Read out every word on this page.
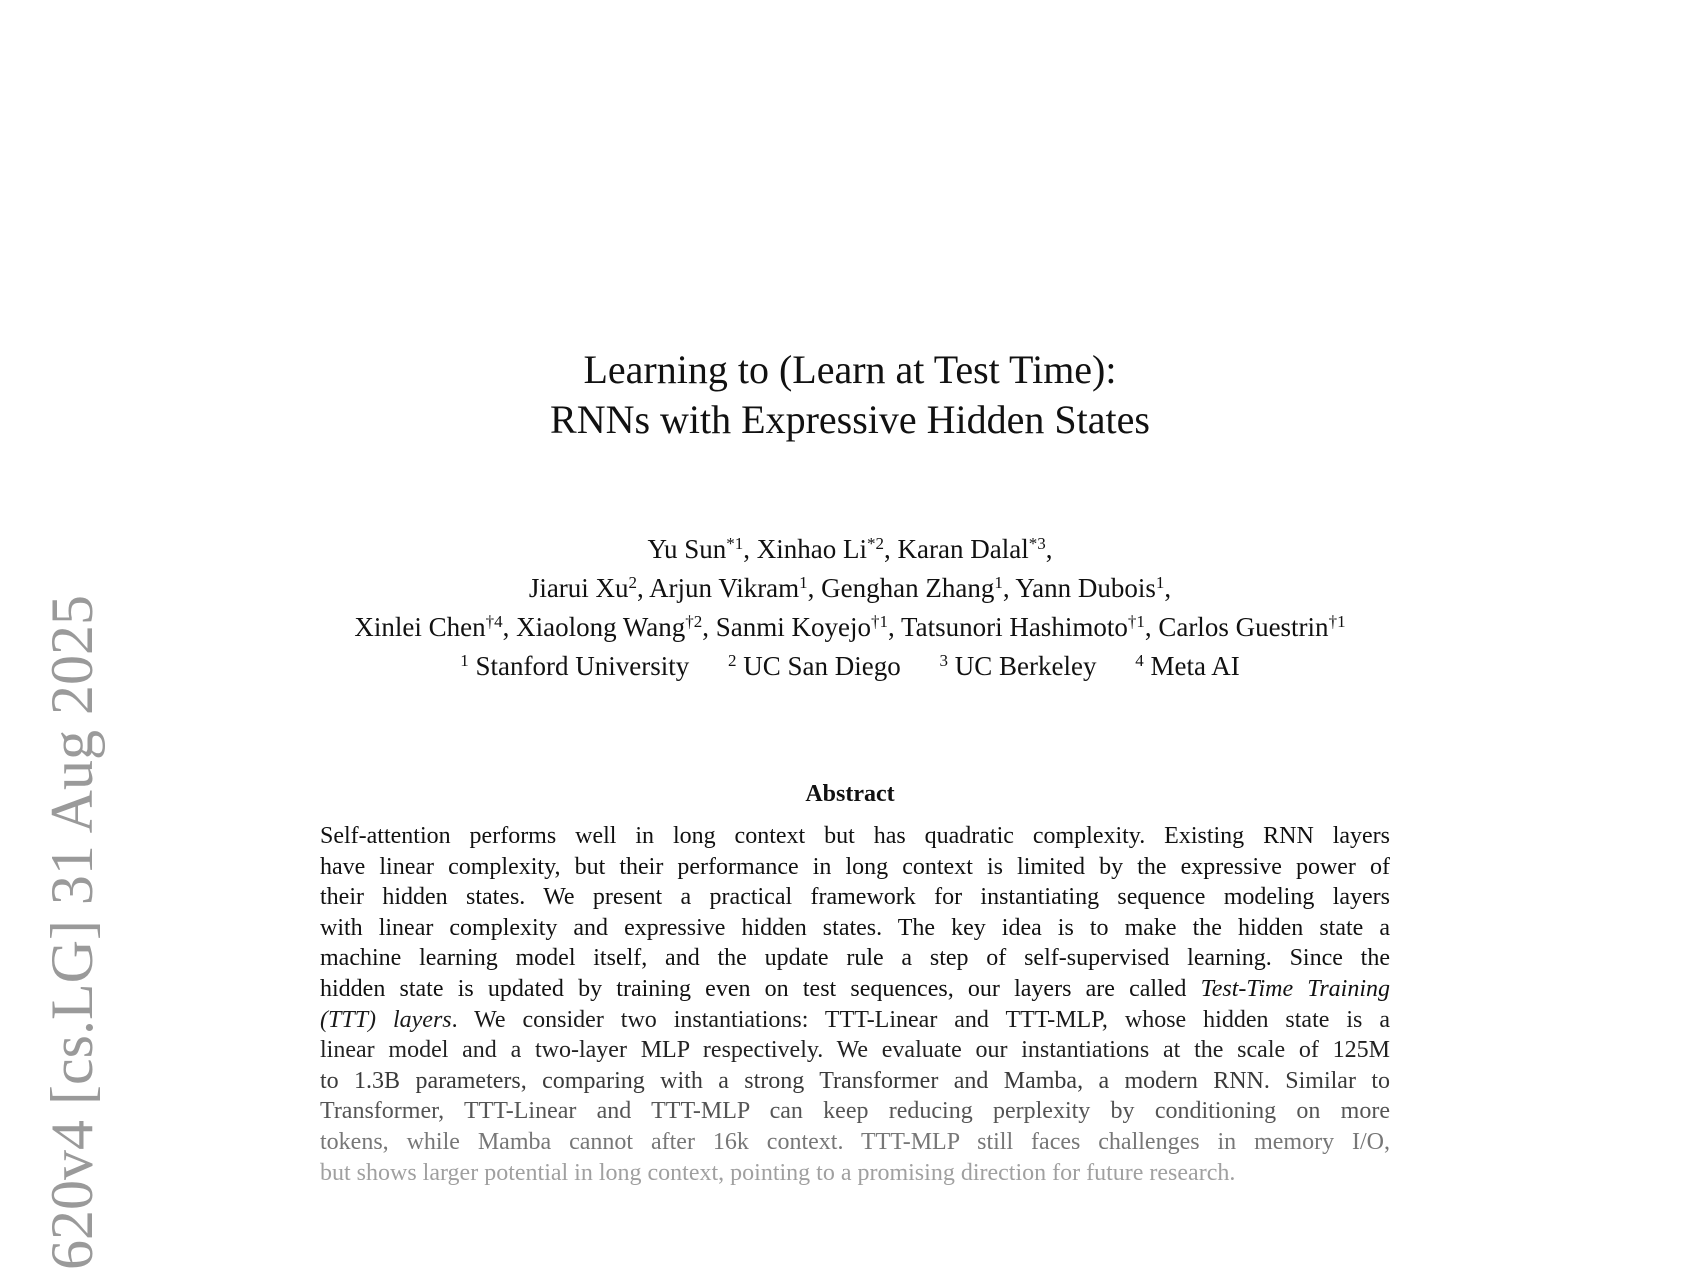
620v4 [cs.LG] 31 Aug 2025
Learning to (Learn at Test Time):
RNNs with Expressive Hidden States
Yu Sun$^{*1}$, Xinhao Li$^{*2}$, Karan Dalal$^{*3}$,
Jiarui Xu$^2$, Arjun Vikram$^1$, Genghan Zhang$^1$, Yann Dubois$^1$,
Xinlei Chen$^{\dagger 4}$, Xiaolong Wang$^{\dagger 2}$, Sanmi Koyejo$^{\dagger 1}$, Tatsunori Hashimoto$^{\dagger 1}$, Carlos Guestrin$^{\dagger 1}$
$^1$ Stanford University $^2$ UC San Diego $^3$ UC Berkeley $^4$ Meta AI
Abstract
Self-attention performs well in long context but has quadratic complexity. Existing RNN layers
have linear complexity, but their performance in long context is limited by the expressive power of
their hidden states. We present a practical framework for instantiating sequence modeling layers
with linear complexity and expressive hidden states. The key idea is to make the hidden state a
machine learning model itself, and the update rule a step of self-supervised learning. Since the
hidden state is updated by training even on test sequences, our layers are called Test-Time Training
(TTT) layers. We consider two instantiations: TTT-Linear and TTT-MLP, whose hidden state is a
linear model and a two-layer MLP respectively. We evaluate our instantiations at the scale of 125M
to 1.3B parameters, comparing with a strong Transformer and Mamba, a modern RNN. Similar to
Transformer, TTT-Linear and TTT-MLP can keep reducing perplexity by conditioning on more
tokens, while Mamba cannot after 16k context. TTT-MLP still faces challenges in memory I/O,
but shows larger potential in long context, pointing to a promising direction for future research.
